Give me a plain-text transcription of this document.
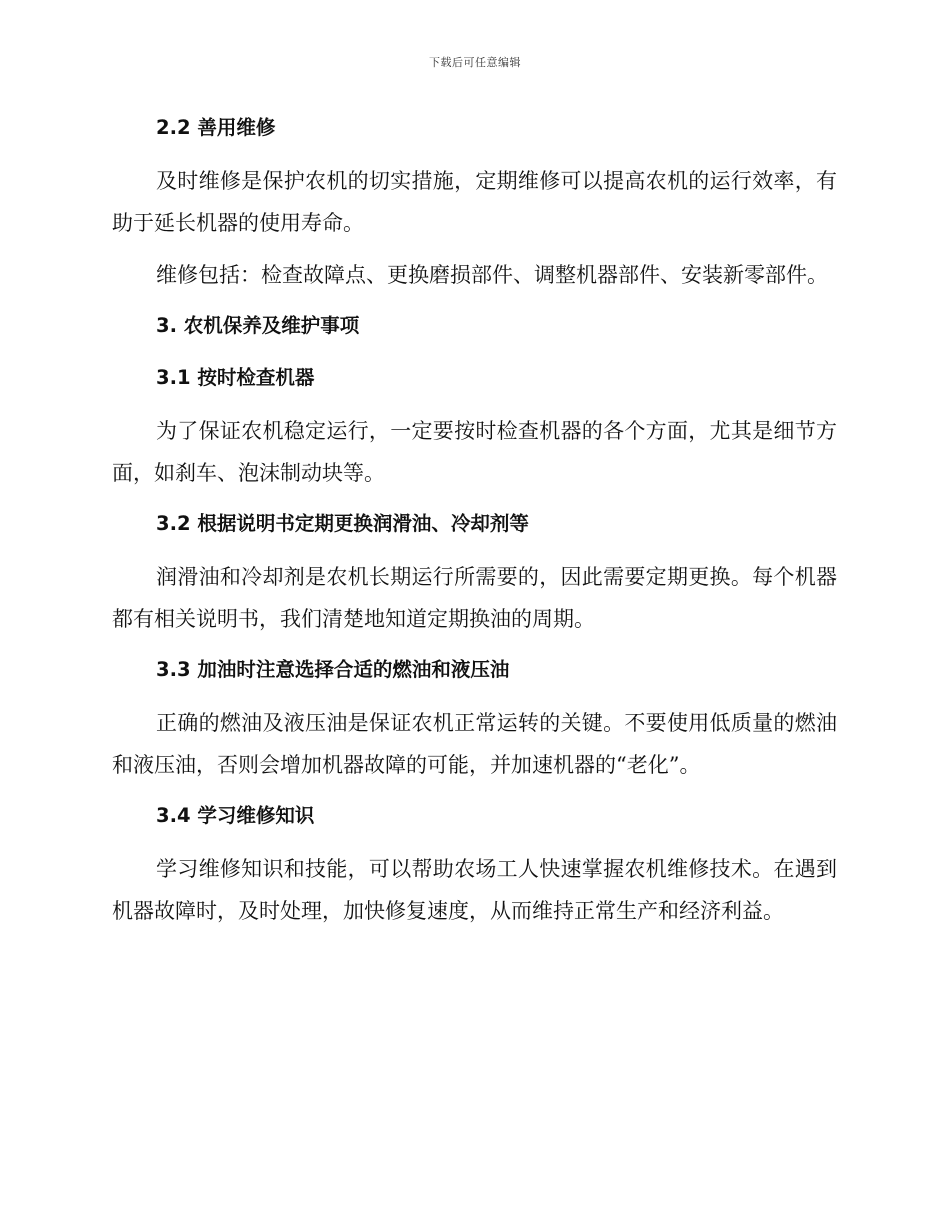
下载后可任意编辑
2.2 善用维修

及时维修是保护农机的切实措施，定期维修可以提高农机的运行效率，有助于延长机器的使用寿命。

维修包括：检查故障点、更换磨损部件、调整机器部件、安装新零部件。

3. 农机保养及维护事项
3.1 按时检查机器

为了保证农机稳定运行，一定要按时检查机器的各个方面，尤其是细节方面，如刹车、泡沫制动块等。

3.2 根据说明书定期更换润滑油、冷却剂等

润滑油和冷却剂是农机长期运行所需要的，因此需要定期更换。每个机器都有相关说明书，我们清楚地知道定期换油的周期。

3.3 加油时注意选择合适的燃油和液压油

正确的燃油及液压油是保证农机正常运转的关键。不要使用低质量的燃油和液压油，否则会增加机器故障的可能，并加速机器的“老化”。

3.4 学习维修知识

学习维修知识和技能，可以帮助农场工人快速掌握农机维修技术。在遇到机器故障时，及时处理，加快修复速度，从而维持正常生产和经济利益。
